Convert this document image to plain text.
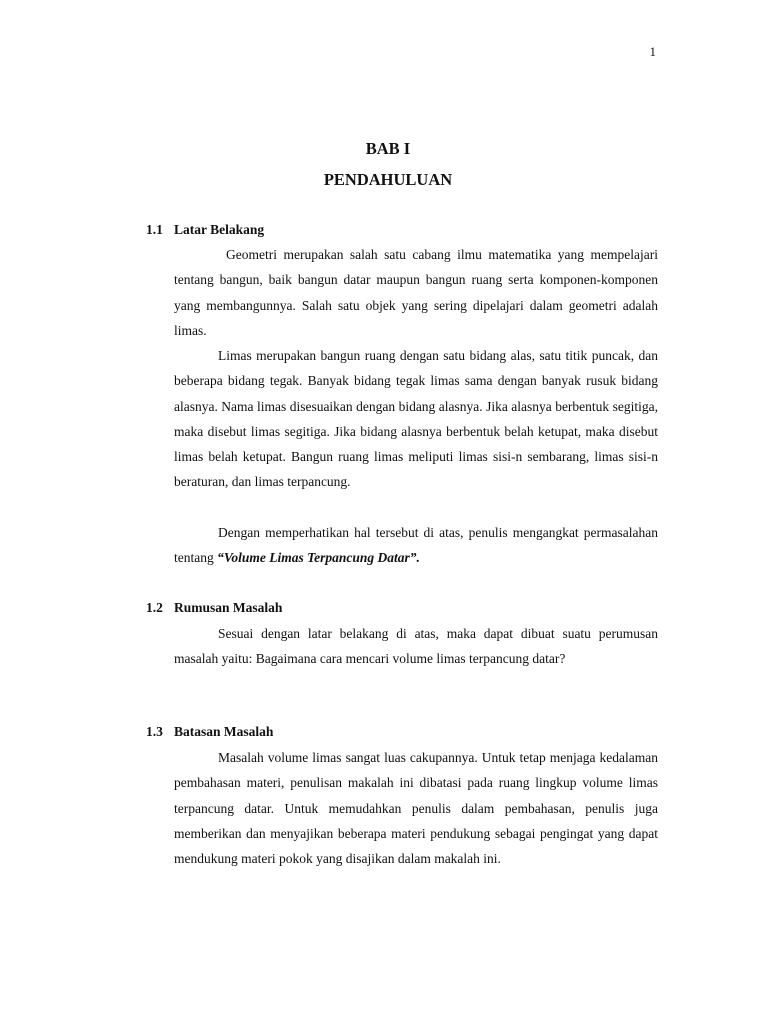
1
BAB I
PENDAHULUAN
1.1 Latar Belakang

Geometri merupakan salah satu cabang ilmu matematika yang mempelajari tentang bangun, baik bangun datar maupun bangun ruang serta komponen-komponen yang membangunnya. Salah satu objek yang sering dipelajari dalam geometri adalah limas.

Limas merupakan bangun ruang dengan satu bidang alas, satu titik puncak, dan beberapa bidang tegak. Banyak bidang tegak limas sama dengan banyak rusuk bidang alasnya. Nama limas disesuaikan dengan bidang alasnya. Jika alasnya berbentuk segitiga, maka disebut limas segitiga. Jika bidang alasnya berbentuk belah ketupat, maka disebut limas belah ketupat. Bangun ruang limas meliputi limas sisi-n sembarang, limas sisi-n beraturan, dan limas terpancung.

Dengan memperhatikan hal tersebut di atas, penulis mengangkat permasalahan tentang “Volume Limas Terpancung Datar”.

1.2 Rumusan Masalah

Sesuai dengan latar belakang di atas, maka dapat dibuat suatu perumusan masalah yaitu: Bagaimana cara mencari volume limas terpancung datar?

1.3 Batasan Masalah

Masalah volume limas sangat luas cakupannya. Untuk tetap menjaga kedalaman pembahasan materi, penulisan makalah ini dibatasi pada ruang lingkup volume limas terpancung datar. Untuk memudahkan penulis dalam pembahasan, penulis juga memberikan dan menyajikan beberapa materi pendukung sebagai pengingat yang dapat mendukung materi pokok yang disajikan dalam makalah ini.
